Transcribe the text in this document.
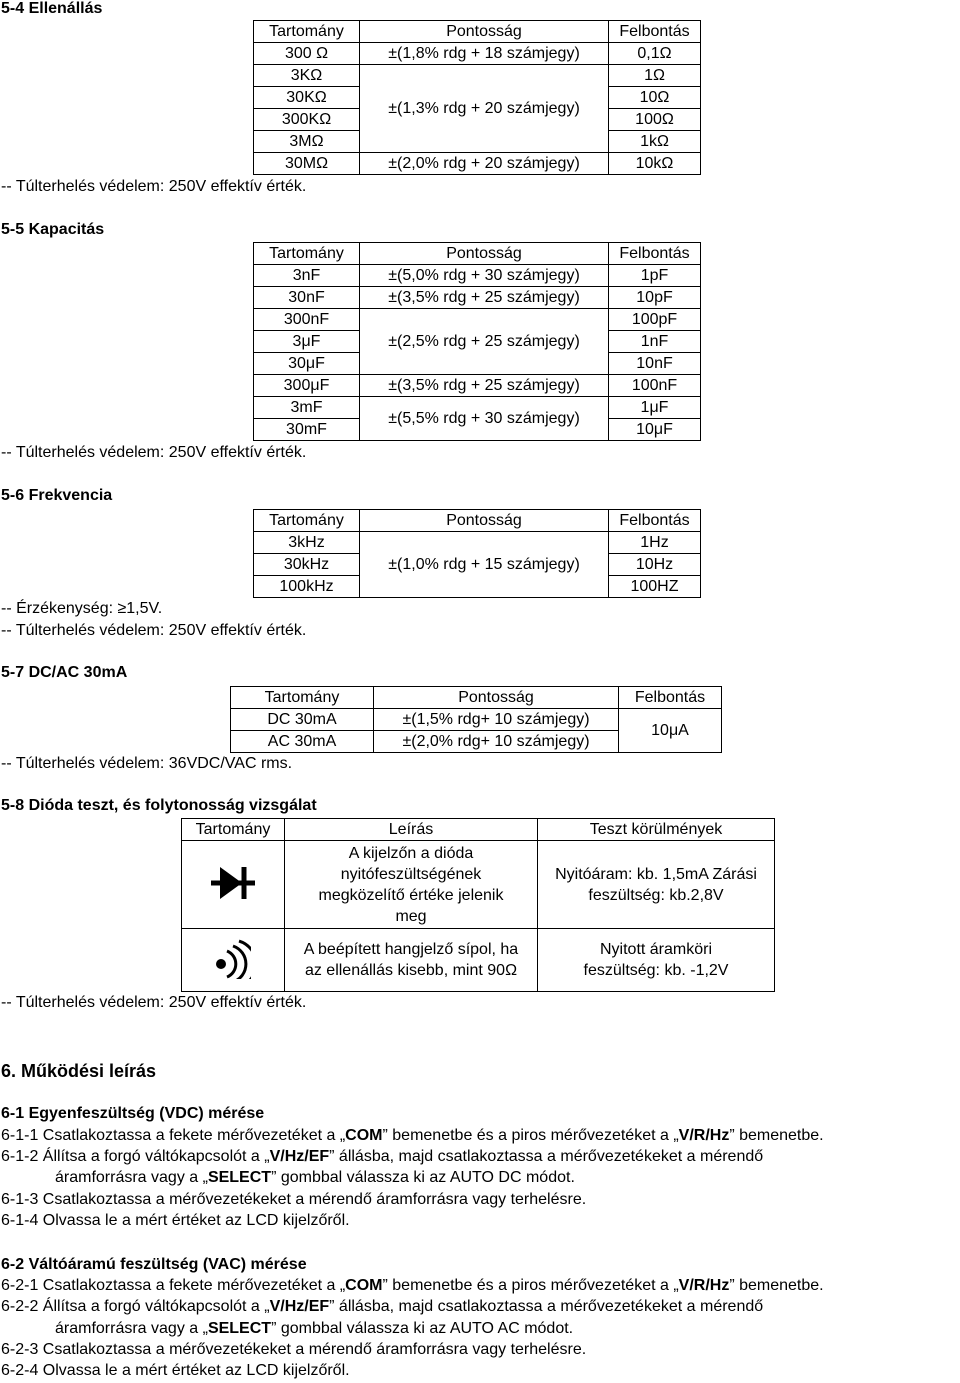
5-4 Ellenállás
Tartomány	Pontosság	Felbontás
300 Ω	±(1,8% rdg + 18 számjegy)	0,1Ω
3KΩ	±(1,3% rdg + 20 számjegy)	1Ω
30KΩ		10Ω
300KΩ		100Ω
3MΩ		1kΩ
30MΩ	±(2,0% rdg + 20 számjegy)	10kΩ
-- Túlterhelés védelem: 250V effektív érték.
5-5 Kapacitás
Tartomány	Pontosság	Felbontás
3nF	±(5,0% rdg + 30 számjegy)	1pF
30nF	±(3,5% rdg + 25 számjegy)	10pF
300nF	±(2,5% rdg + 25 számjegy)	100pF
3μF		1nF
30μF		10nF
300μF	±(3,5% rdg + 25 számjegy)	100nF
3mF	±(5,5% rdg + 30 számjegy)	1μF
30mF		10μF
-- Túlterhelés védelem: 250V effektív érték.
5-6 Frekvencia
Tartomány	Pontosság	Felbontás
3kHz	±(1,0% rdg + 15 számjegy)	1Hz
30kHz		10Hz
100kHz		100HZ
-- Érzékenység: ≥1,5V.
-- Túlterhelés védelem: 250V effektív érték.
5-7 DC/AC 30mA
Tartomány	Pontosság	Felbontás
DC 30mA	±(1,5% rdg+ 10 számjegy)	10μA
AC 30mA	±(2,0% rdg+ 10 számjegy)	
-- Túlterhelés védelem: 36VDC/VAC rms.
5-8 Dióda teszt, és folytonosság vizsgálat
Tartomány	Leírás	Teszt körülmények
	A kijelzőn a dióda nyitófeszültségének megközelítő értéke jelenik meg	Nyitóáram: kb. 1,5mA Zárási feszültség: kb.2,8V
	A beépített hangjelző sípol, ha az ellenállás kisebb, mint 90Ω	Nyitott áramköri feszültség: kb. -1,2V
-- Túlterhelés védelem: 250V effektív érték.
6. Működési leírás
6-1 Egyenfeszültség (VDC) mérése
6-1-1 Csatlakoztassa a fekete mérővezetéket a „COM” bemenetbe és a piros mérővezetéket a „V/R/Hz” bemenetbe.
6-1-2 Állítsa a forgó váltókapcsolót a „V/Hz/EF” állásba, majd csatlakoztassa a mérővezetékeket a mérendő
áramforrásra vagy a „SELECT” gombbal válassza ki az AUTO DC módot.
6-1-3 Csatlakoztassa a mérővezetékeket a mérendő áramforrásra vagy terhelésre.
6-1-4 Olvassa le a mért értéket az LCD kijelzőről.
6-2 Váltóáramú feszültség (VAC) mérése
6-2-1 Csatlakoztassa a fekete mérővezetéket a „COM” bemenetbe és a piros mérővezetéket a „V/R/Hz” bemenetbe.
6-2-2 Állítsa a forgó váltókapcsolót a „V/Hz/EF” állásba, majd csatlakoztassa a mérővezetékeket a mérendő
áramforrásra vagy a „SELECT” gombbal válassza ki az AUTO AC módot.
6-2-3 Csatlakoztassa a mérővezetékeket a mérendő áramforrásra vagy terhelésre.
6-2-4 Olvassa le a mért értéket az LCD kijelzőről.
